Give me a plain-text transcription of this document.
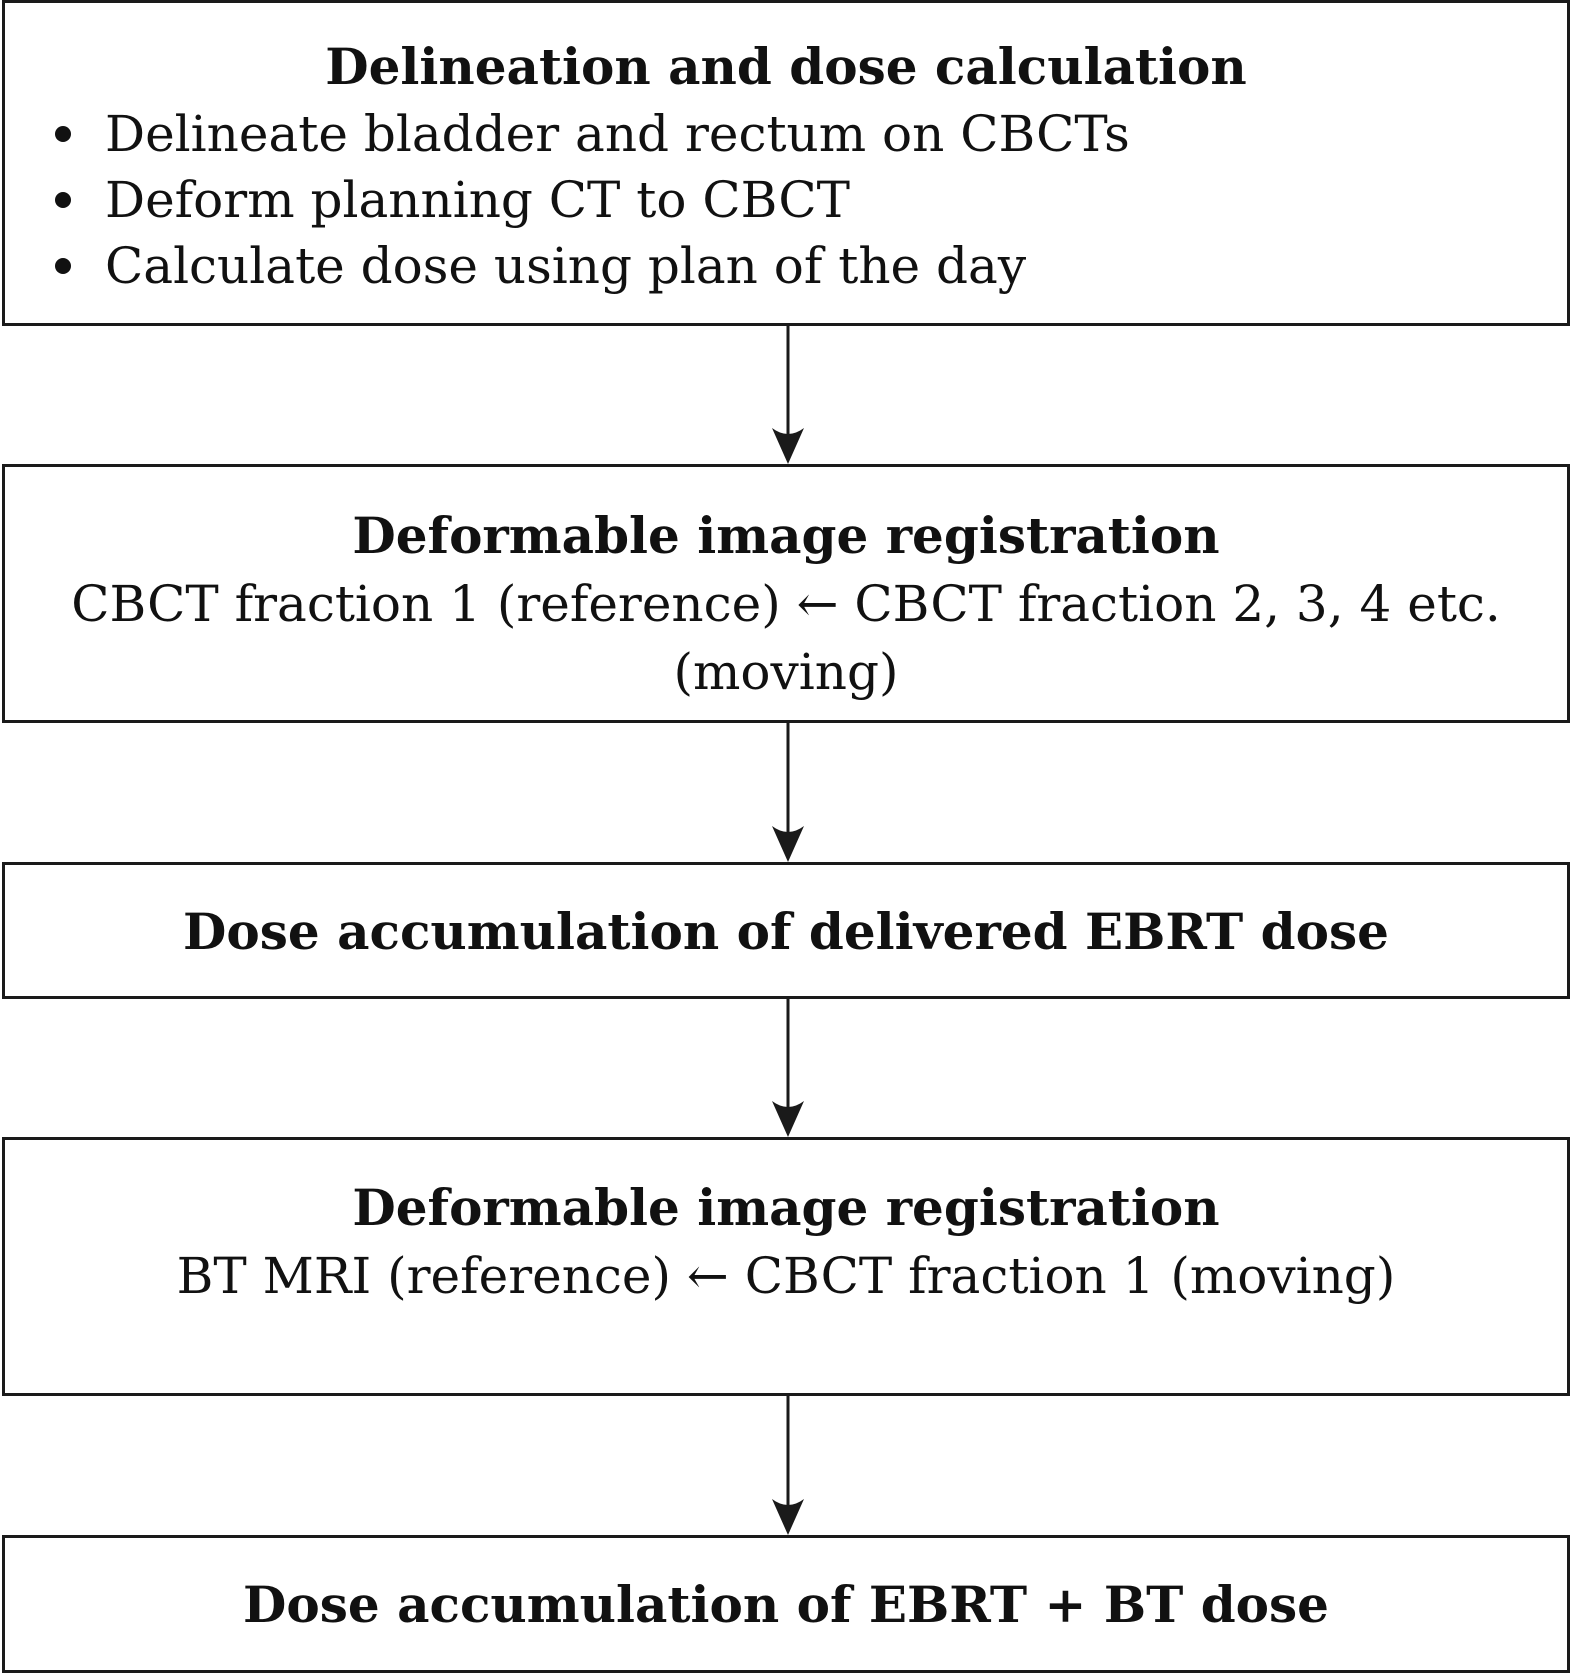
Delineation and dose calculation
Delineate bladder and rectum on CBCTs
Deform planning CT to CBCT
Calculate dose using plan of the day
Deformable image registration
CBCT fraction 1 (reference) ← CBCT fraction 2, 3, 4 etc.
(moving)
Dose accumulation of delivered EBRT dose
Deformable image registration
BT MRI (reference) ← CBCT fraction 1 (moving)
Dose accumulation of EBRT + BT dose
